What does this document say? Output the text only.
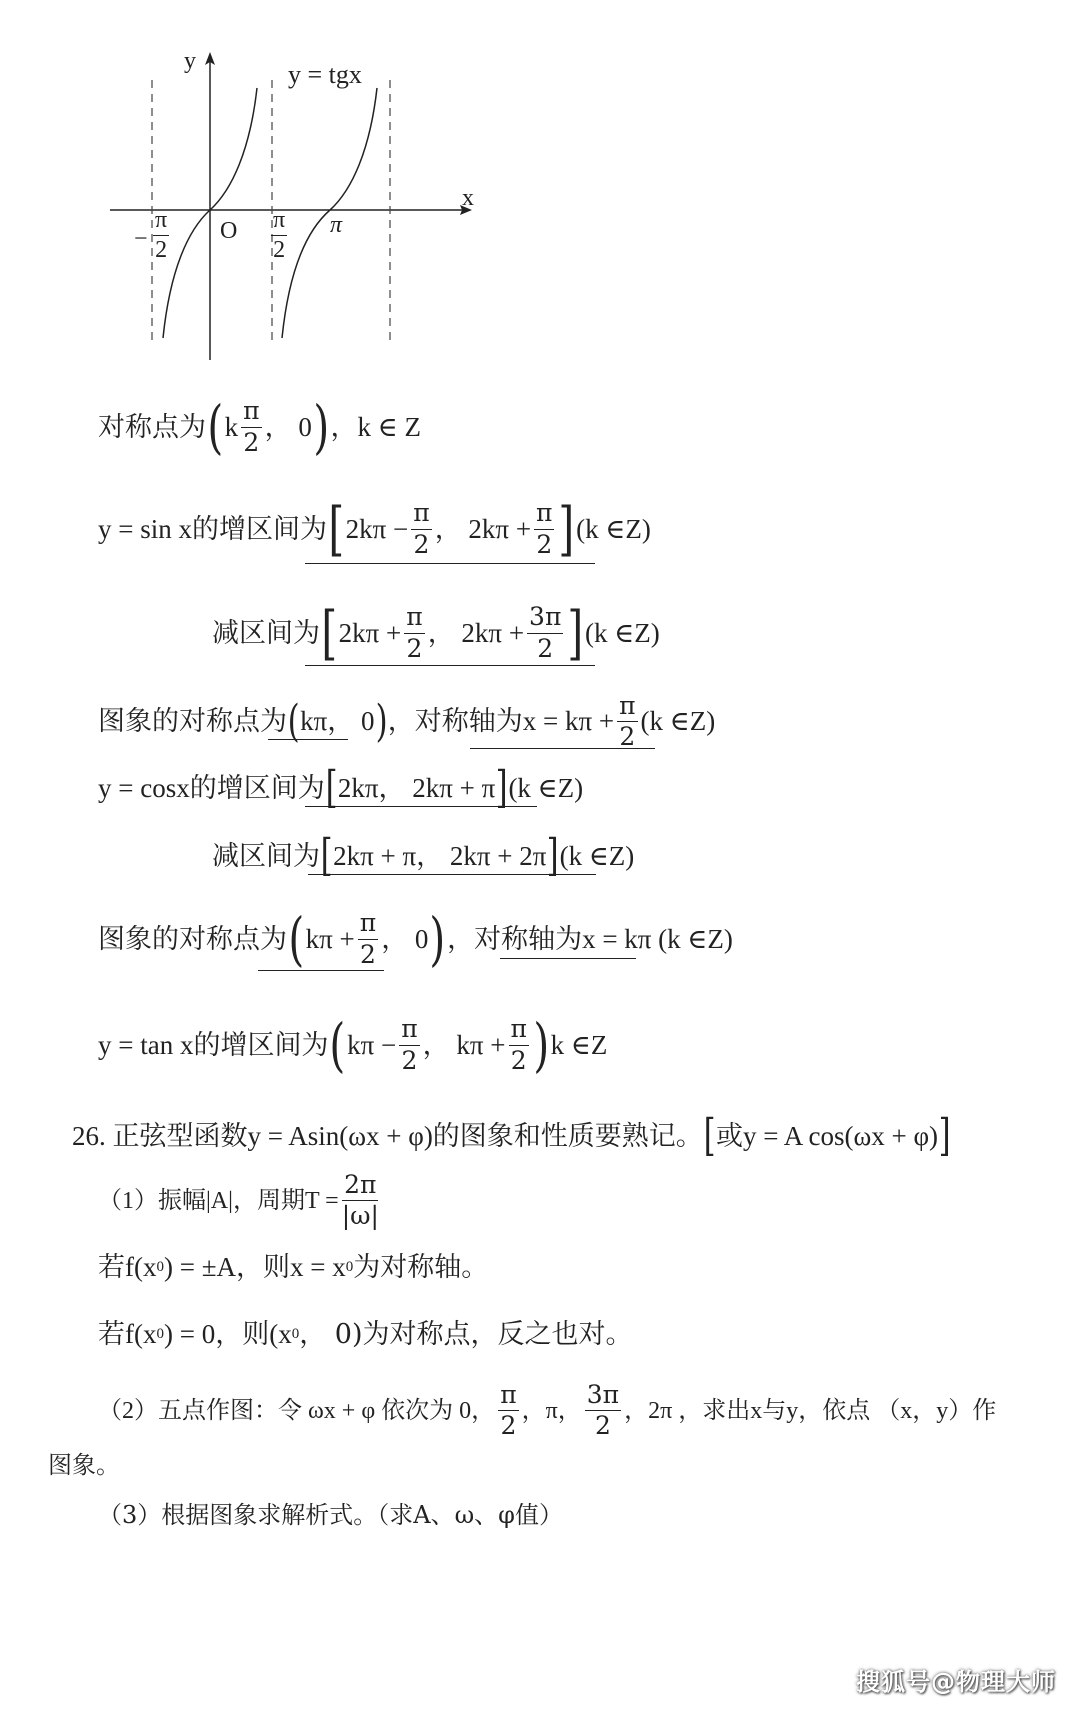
y
x
y = tgx
O
− $\frac{\pi}{2}$	$\frac{\pi}{2}$ π
对称点为 ( k $\frac{\pi}{2}$ ， 0 ) ，k ∈ Z
y = sin x的增区间为 [ $2k\pi - \frac{\pi}{2}$ ， $2k\pi + \frac{\pi}{2}$ ] (k ∈Z)
减区间为 [ $2k\pi + \frac{\pi}{2}$ ， $2k\pi + \frac{3\pi}{2}$ ] (k ∈Z)
图象的对称点为 ( kπ， 0 ) ，对称轴为 $x = k\pi + \frac{\pi}{2} (k$ ∈Z)
y = cosx的增区间为 [ 2kπ， 2kπ + π ] (k ∈Z)
减区间为 [ 2kπ + π， 2kπ + 2π ] (k ∈Z)
图象的对称点为 ( $k\pi + \frac{\pi}{2}$ ， 0 ) ，对称轴为 x = kπ (k ∈Z)
y = tan x的增区间为 ( $k\pi - \frac{\pi}{2}$ ， $k\pi + \frac{\pi}{2}$ ) k ∈Z
26. 正弦型函数y = Asin(ωx + φ)的图象和性质要熟记。 [ 或y = A cos(ωx + φ) ]
（1）振幅|A|，周期$T = \frac{2\pi}{|\omega|}$
若f(x 0 ) = ±A，则x = x 0 为对称轴。
若f(x 0 ) = 0，则(x 0 ， 0)为对称点，反之也对。
（2）五点作图：令 ωx + φ 依次为 0， $\frac{\pi}{2}$ ，π， $\frac{3\pi}{2}$ ，2π ，求出x与y，依点 （x，y）作
图象。
（3）根据图象求解析式。（求A、ω、φ值）
搜狐号@物理大师
